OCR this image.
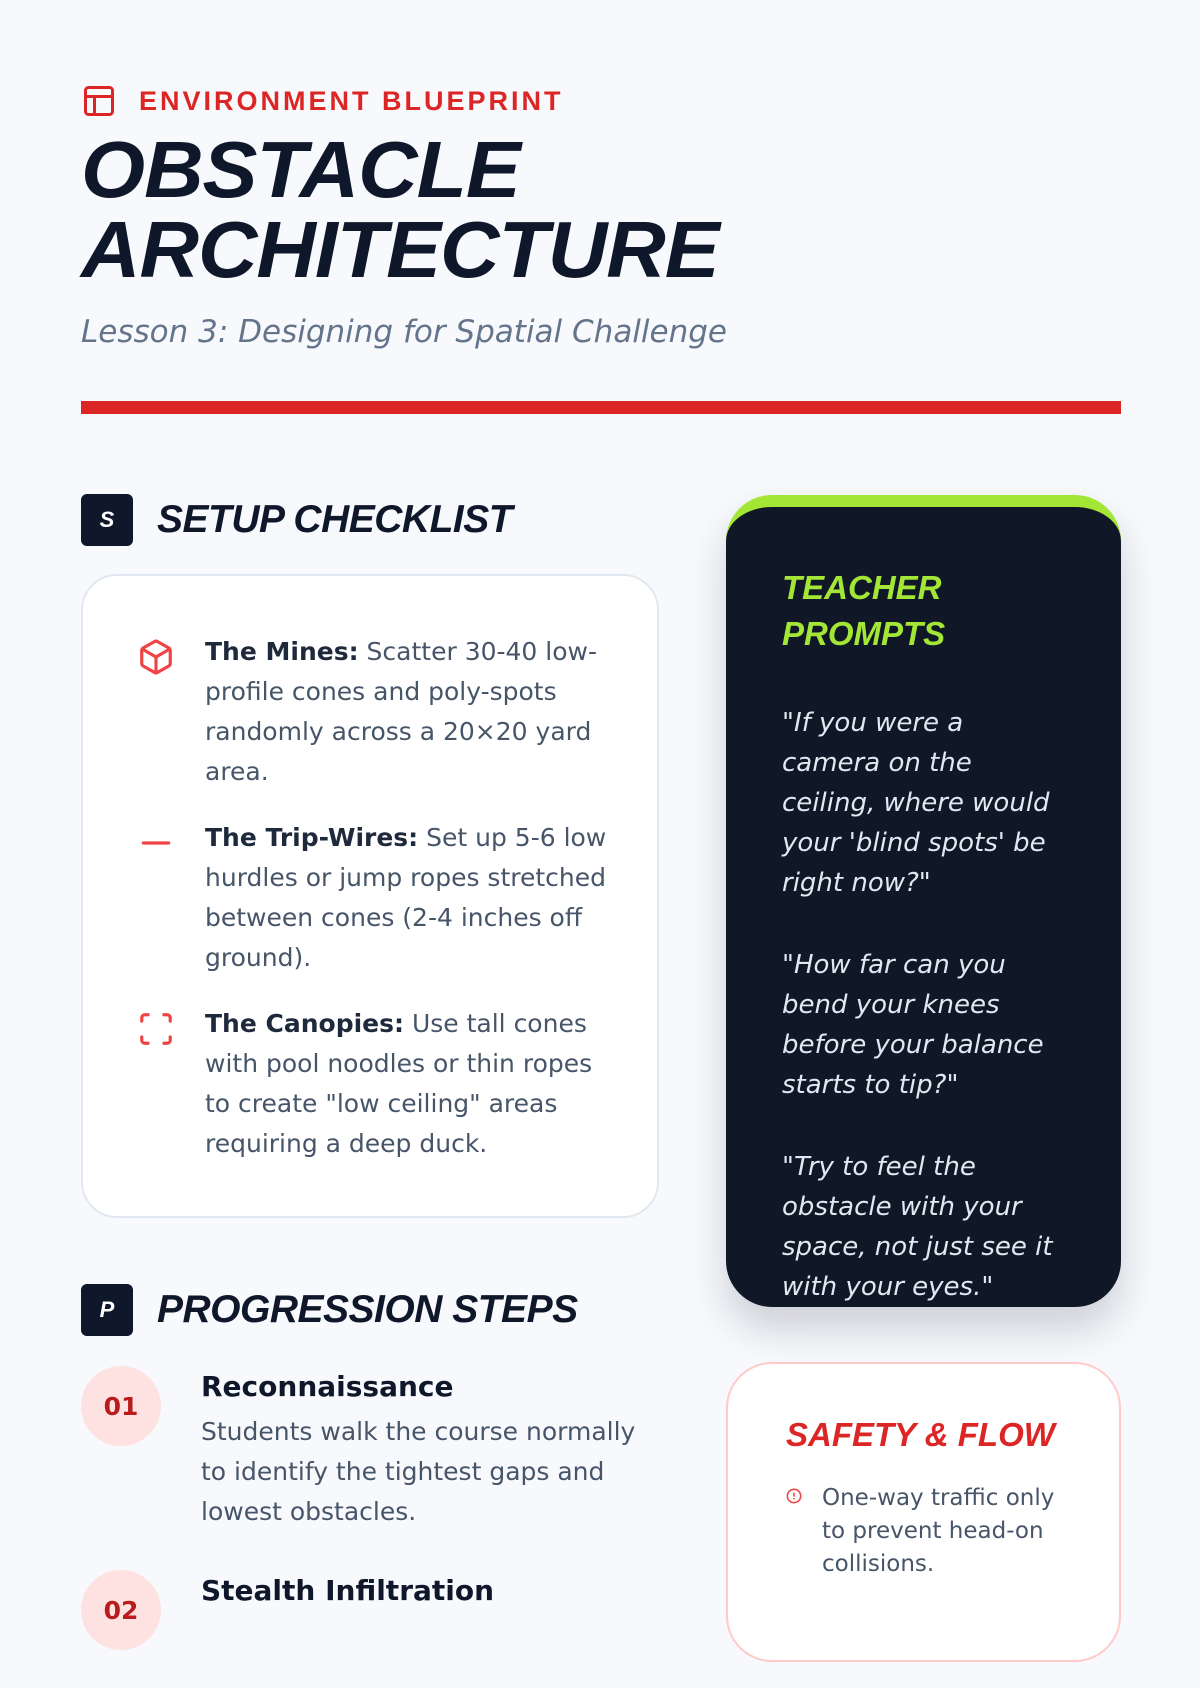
ENVIRONMENT BLUEPRINT
OBSTACLE
ARCHITECTURE
Lesson 3: Designing for Spatial Challenge
S	SETUP CHECKLIST

The Mines: Scatter 30-40 low-profile cones and poly-spots randomly across a 20×20 yard area.

The Trip-Wires: Set up 5-6 low hurdles or jump ropes stretched between cones (2-4 inches off ground).

The Canopies: Use tall cones with pool noodles or thin ropes to create "low ceiling" areas requiring a deep duck.

P	PROGRESSION STEPS
01
Reconnaissance
Students walk the course normally to identify the tightest gaps and lowest obstacles.
02
Stealth Infiltration
TEACHER
PROMPTS

"If you were a camera on the ceiling, where would your 'blind spots' be right now?"

"How far can you bend your knees before your balance starts to tip?"

"Try to feel the obstacle with your space, not just see it with your eyes."

SAFETY & FLOW

One-way traffic only to prevent head-on collisions.
